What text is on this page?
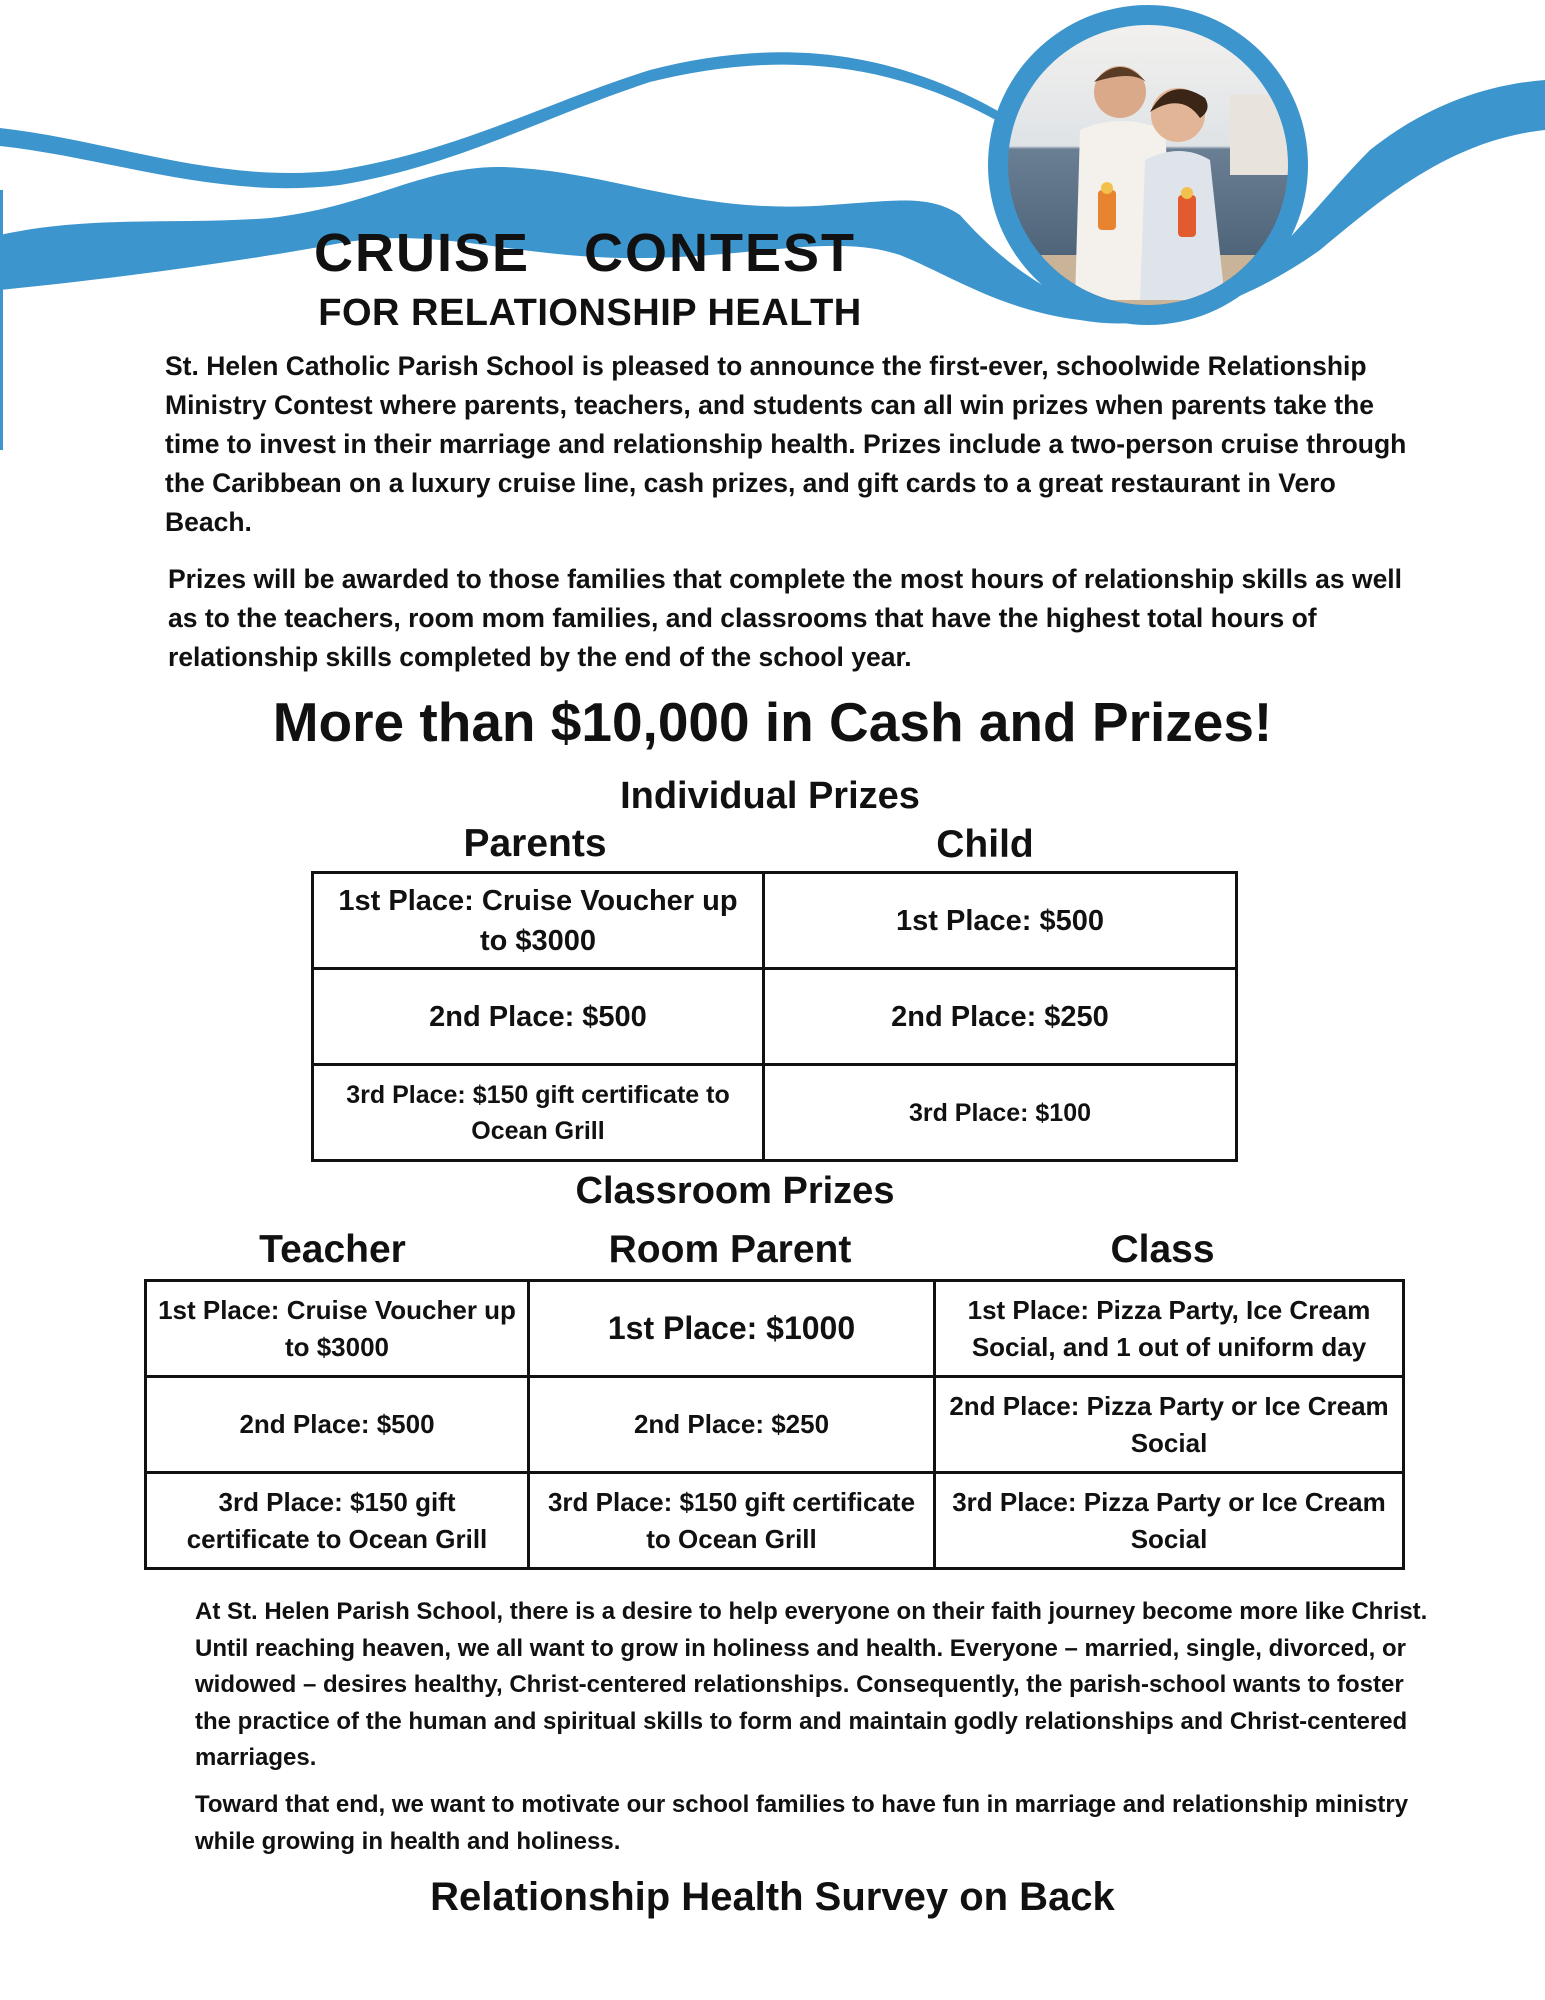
CRUISE  CONTEST
FOR RELATIONSHIP HEALTH
St. Helen Catholic Parish School is pleased to announce the first-ever, schoolwide Relationship Ministry Contest where parents, teachers, and students can all win prizes when parents take the time to invest in their marriage and relationship health. Prizes include a two-person cruise through the Caribbean on a luxury cruise line, cash prizes, and gift cards to a great restaurant in Vero Beach.
Prizes will be awarded to those families that complete the most hours of relationship skills as well as to the teachers, room mom families, and classrooms that have the highest total hours of relationship skills completed by the end of the school year.
More than $10,000 in Cash and Prizes!
Individual Prizes
Parents	Child
1st Place: Cruise Voucher up to $3000	1st Place: $500
2nd Place: $500	2nd Place: $250
3rd Place: $150 gift certificate to Ocean Grill	3rd Place: $100
Classroom Prizes
Teacher	Room Parent	Class
1st Place: Cruise Voucher up to $3000	1st Place: $1000	1st Place: Pizza Party, Ice Cream Social, and 1 out of uniform day
2nd Place: $500	2nd Place: $250	2nd Place: Pizza Party or Ice Cream Social
3rd Place: $150 gift certificate to Ocean Grill	3rd Place: $150 gift certificate to Ocean Grill	3rd Place: Pizza Party or Ice Cream Social
At St. Helen Parish School, there is a desire to help everyone on their faith journey become more like Christ. Until reaching heaven, we all want to grow in holiness and health. Everyone – married, single, divorced, or widowed – desires healthy, Christ-centered relationships. Consequently, the parish-school wants to foster the practice of the human and spiritual skills to form and maintain godly relationships and Christ-centered marriages.
Toward that end, we want to motivate our school families to have fun in marriage and relationship ministry while growing in health and holiness.
Relationship Health Survey on Back
